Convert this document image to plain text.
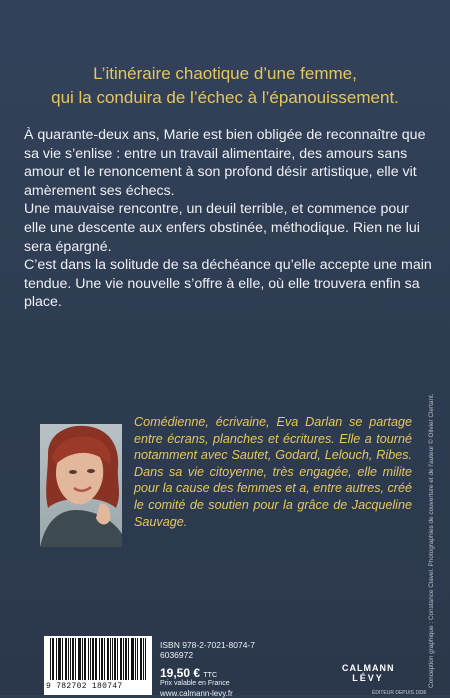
L’itinéraire chaotique d’une femme,
qui la conduira de l’échec à l’épanouissement.

À quarante-deux ans, Marie est bien obligée de reconnaître que sa vie s’enlise : entre un travail alimentaire, des amours sans amour et le renoncement à son profond désir artistique, elle vit amèrement ses échecs.

Une mauvaise rencontre, un deuil terrible, et commence pour elle une descente aux enfers obstinée, méthodique. Rien ne lui sera épargné.

C’est dans la solitude de sa déchéance qu’elle accepte une main tendue. Une vie nouvelle s’offre à elle, où elle trouvera enfin sa place.

Conception graphique : Constance Clavel. Photographies de couverture et de l’auteur © Olivier Clertant.
Comédienne, écrivaine, Eva Darlan se partage entre écrans, planches et écritures. Elle a tourné notamment avec Sautet, Godard, Lelouch, Ribes. Dans sa vie citoyenne, très engagée, elle milite pour la cause des femmes et a, entre autres, créé le comité de soutien pour la grâce de Jacqueline Sauvage.
9 782702 180747
ISBN 978-2-7021-8074-7
6036972
19,50 € TTC
Prix valable en France
www.calmann-levy.fr
CALMANN
LÉVY
ÉDITEUR DEPUIS 1836
